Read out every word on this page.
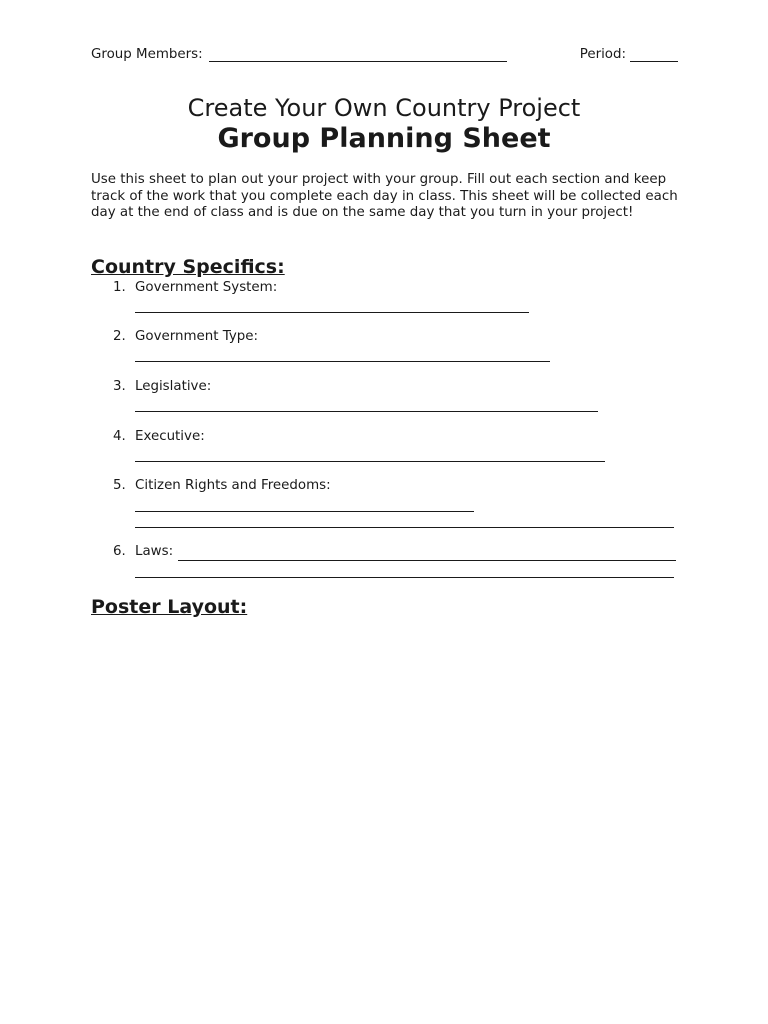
Group Members:	Period:
Create Your Own Country Project
Group Planning Sheet

Use this sheet to plan out your project with your group. Fill out each section and keep track of the work that you complete each day in class. This sheet will be collected each day at the end of class and is due on the same day that you turn in your project!

Country Specifics:
1. Government System:
2. Government Type:
3. Legislative:
4. Executive:
5. Citizen Rights and Freedoms:
6. Laws:
Poster Layout:
